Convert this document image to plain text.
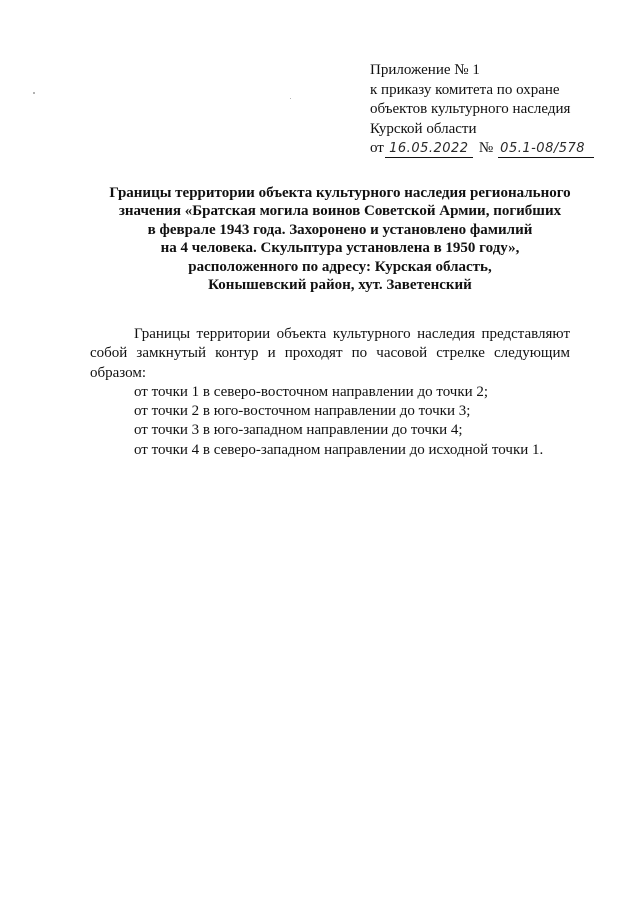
Приложение № 1
к приказу комитета по охране
объектов культурного наследия
Курской области
от 16.05.2022 № 05.1-08/578
Границы территории объекта культурного наследия регионального
значения «Братская могила воинов Советской Армии, погибших
в феврале 1943 года. Захоронено и установлено фамилий
на 4 человека. Скульптура установлена в 1950 году»,
расположенного по адресу: Курская область,
Конышевский район, хут. Заветенский

Границы территории объекта культурного наследия представляют собой замкнутый контур и проходят по часовой стрелке следующим образом:

от точки 1 в северо-восточном направлении до точки 2;

от точки 2 в юго-восточном направлении до точки 3;

от точки 3 в юго-западном направлении до точки 4;

от точки 4 в северо-западном направлении до исходной точки 1.
